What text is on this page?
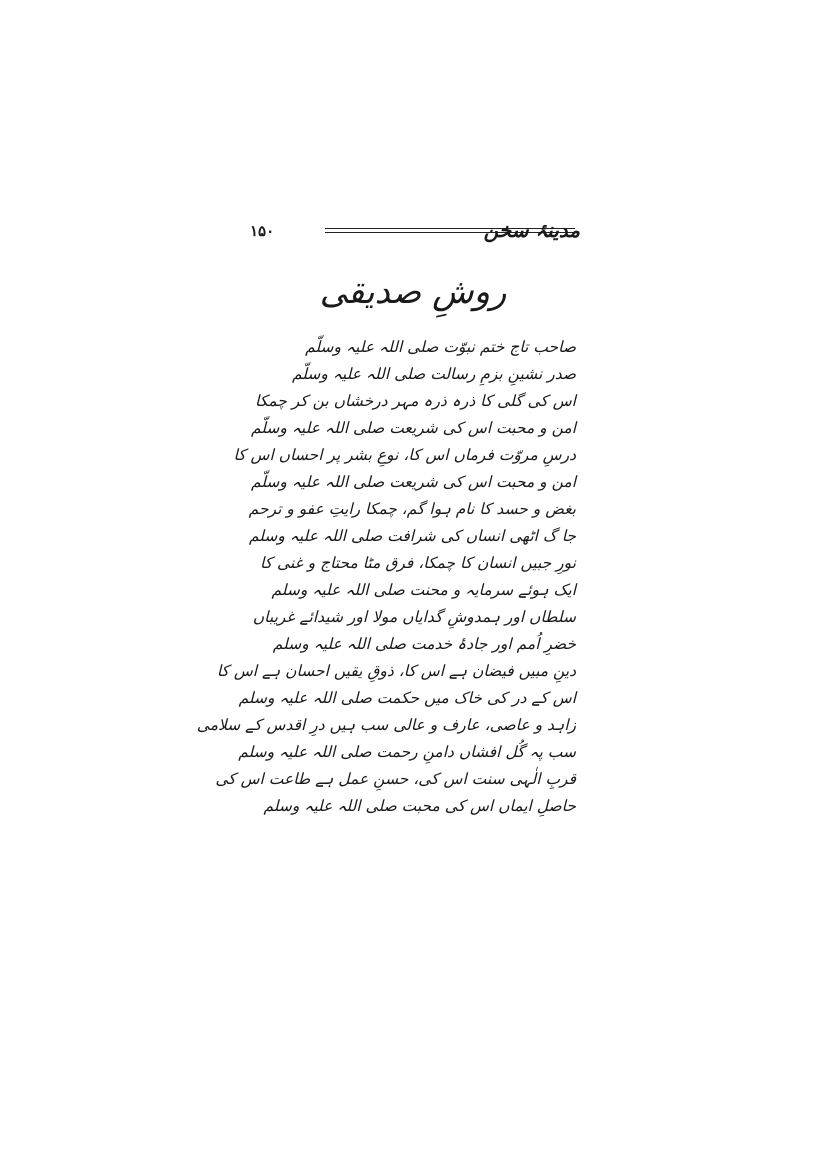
۱۵۰	مدینۂ سخن
روشِ صدیقی
صاحب تاج ختم نبوّت صلی اللہ علیہ وسلّم
صدر نشینِ بزمِ رسالت صلی اللہ علیہ وسلّم
اس کی گلی کا ذرہ ذرہ مہر درخشاں بن کر چمکا
امن و محبت اس کی شریعت صلی اللہ علیہ وسلّم
درسِ مروّت فرماں اس کا، نوعِ بشر پر احساں اس کا
امن و محبت اس کی شریعت صلی اللہ علیہ وسلّم
بغض و حسد کا نام ہوا گم، چمکا رایتِ عفو و ترحم
جا گ اٹھی انساں کی شرافت صلی اللہ علیہ وسلم
نورِ جبیں انسان کا چمکا، فرق مٹا محتاج و غنی کا
ایک ہوئے سرمایہ و محنت صلی اللہ علیہ وسلم
سلطاں اور ہمدوشِ گدایاں مولا اور شیدائے غریباں
خضرِ اُمم اور جادۂ خدمت صلی اللہ علیہ وسلم
دینِ مبیں فیضان ہے اس کا، ذوقِ یقیں احسان ہے اس کا
اس کے در کی خاک میں حکمت صلی اللہ علیہ وسلم
زاہد و عاصی، عارف و عالی سب ہیں درِ اقدس کے سلامی
سب پہ گُل افشاں دامنِ رحمت صلی اللہ علیہ وسلم
قربِ الٰہی سنت اس کی، حسنِ عمل ہے طاعت اس کی
حاصلِ ایماں اس کی محبت صلی اللہ علیہ وسلم
